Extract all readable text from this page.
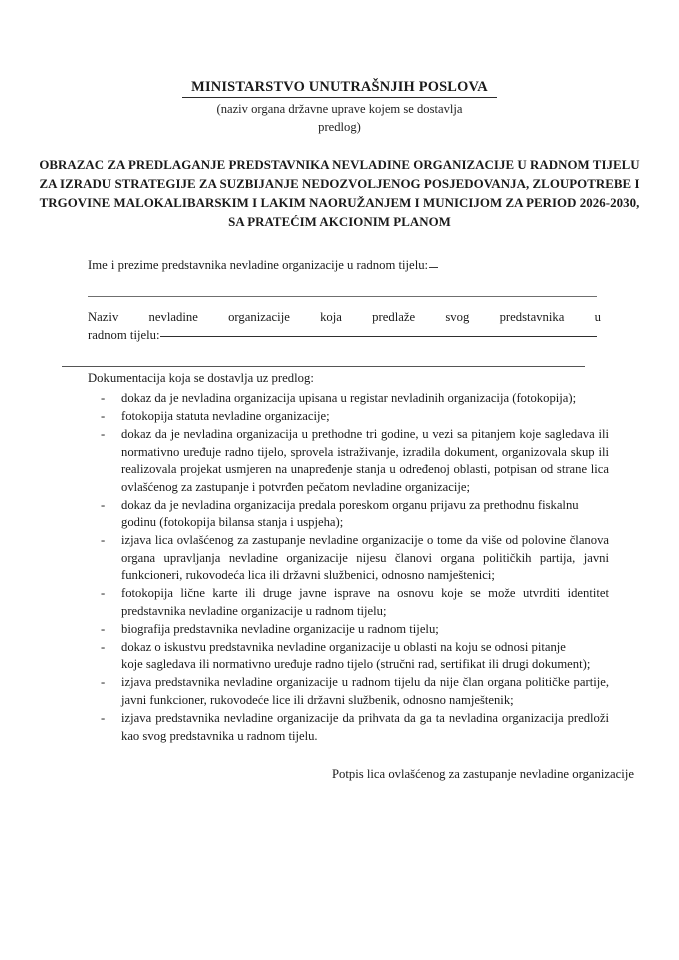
MINISTARSTVO UNUTRAŠNJIH POSLOVA
(naziv organa državne uprave kojem se dostavlja
predlog)
OBRAZAC ZA PREDLAGANJE PREDSTAVNIKA NEVLADINE ORGANIZACIJE U RADNOM TIJELU ZA IZRADU STRATEGIJE ZA SUZBIJANJE NEDOZVOLJENOG POSJEDOVANJA, ZLOUPOTREBE I TRGOVINE MALOKALIBARSKIM I LAKIM NAORUŽANJEM I MUNICIJOM ZA PERIOD 2026-2030, SA PRATEĆIM AKCIONIM PLANOM
Ime i prezime predstavnika nevladine organizacije u radnom tijelu:
Naziv nevladine organizacije koja predlaže svog predstavnika u
radnom tijelu:
Dokumentacija koja se dostavlja uz predlog:
- dokaz da je nevladina organizacija upisana u registar nevladinih organizacija (fotokopija);

- fotokopija statuta nevladine organizacije;

- dokaz da je nevladina organizacija u prethodne tri godine, u vezi sa pitanjem koje sagledava ili normativno uređuje radno tijelo, sprovela istraživanje, izradila dokument, organizovala skup ili realizovala projekat usmjeren na unapređenje stanja u određenoj oblasti, potpisan od strane lica ovlašćenog za zastupanje i potvrđen pečatom nevladine organizacije;

- dokaz da je nevladina organizacija predala poreskom organu prijavu za prethodnu fiskalnu godinu (fotokopija bilansa stanja i uspjeha);

- izjava lica ovlašćenog za zastupanje nevladine organizacije o tome da više od polovine članova organa upravljanja nevladine organizacije nijesu članovi organa političkih partija, javni funkcioneri, rukovodeća lica ili državni službenici, odnosno namještenici;

- fotokopija lične karte ili druge javne isprave na osnovu koje se može utvrditi identitet predstavnika nevladine organizacije u radnom tijelu;

- biografija predstavnika nevladine organizacije u radnom tijelu;

- dokaz o iskustvu predstavnika nevladine organizacije u oblasti na koju se odnosi pitanje

koje sagledava ili normativno uređuje radno tijelo (stručni rad, sertifikat ili drugi dokument);

- izjava predstavnika nevladine organizacije u radnom tijelu da nije član organa političke partije, javni funkcioner, rukovodeće lice ili državni službenik, odnosno namještenik;

- izjava predstavnika nevladine organizacije da prihvata da ga ta nevladina organizacija predloži kao svog predstavnika u radnom tijelu.

Potpis lica ovlašćenog za zastupanje nevladine organizacije
